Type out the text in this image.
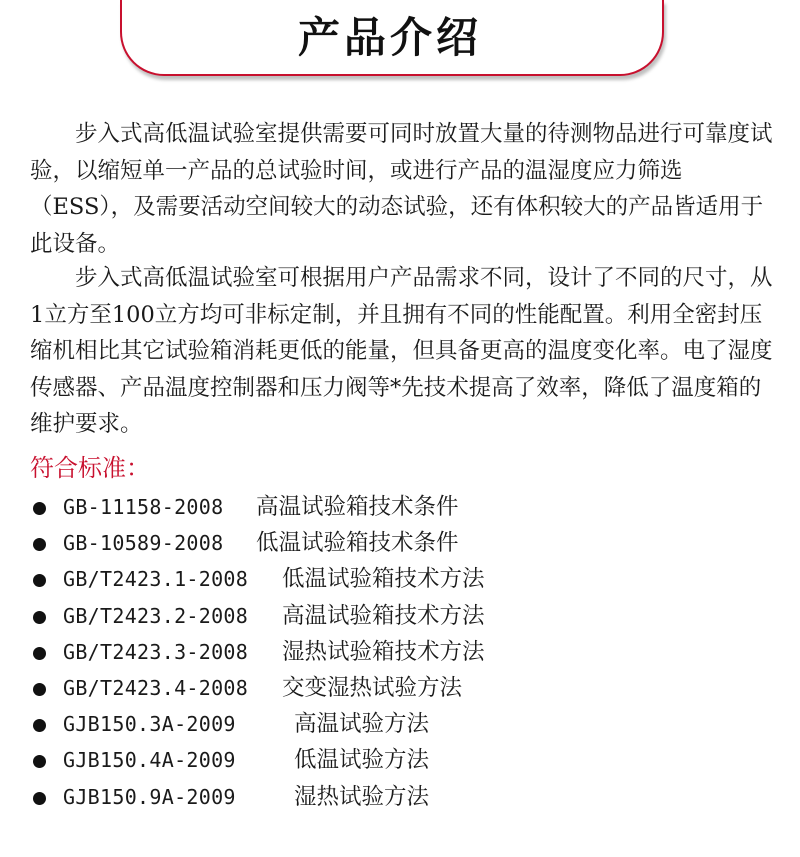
产品介绍

步入式高低温试验室提供需要可同时放置大量的待测物品进行可靠度试验，以缩短单一产品的总试验时间，或进行产品的温湿度应力筛选（ESS），及需要活动空间较大的动态试验，还有体积较大的产品皆适用于此设备。

步入式高低温试验室可根据用户产品需求不同，设计了不同的尺寸，从1立方至100立方均可非标定制，并且拥有不同的性能配置。利用全密封压缩机相比其它试验箱消耗更低的能量，但具备更高的温度变化率。电了湿度传感器、产品温度控制器和压力阀等*先技术提高了效率，降低了温度箱的维护要求。

符合标准：

GB-11158-2008 高温试验箱技术条件
GB-10589-2008 低温试验箱技术条件
GB/T2423.1-2008 低温试验箱技术方法
GB/T2423.2-2008 高温试验箱技术方法
GB/T2423.3-2008 湿热试验箱技术方法
GB/T2423.4-2008 交变湿热试验方法
GJB150.3A-2009	高温试验方法
GJB150.4A-2009	低温试验方法
GJB150.9A-2009	湿热试验方法
